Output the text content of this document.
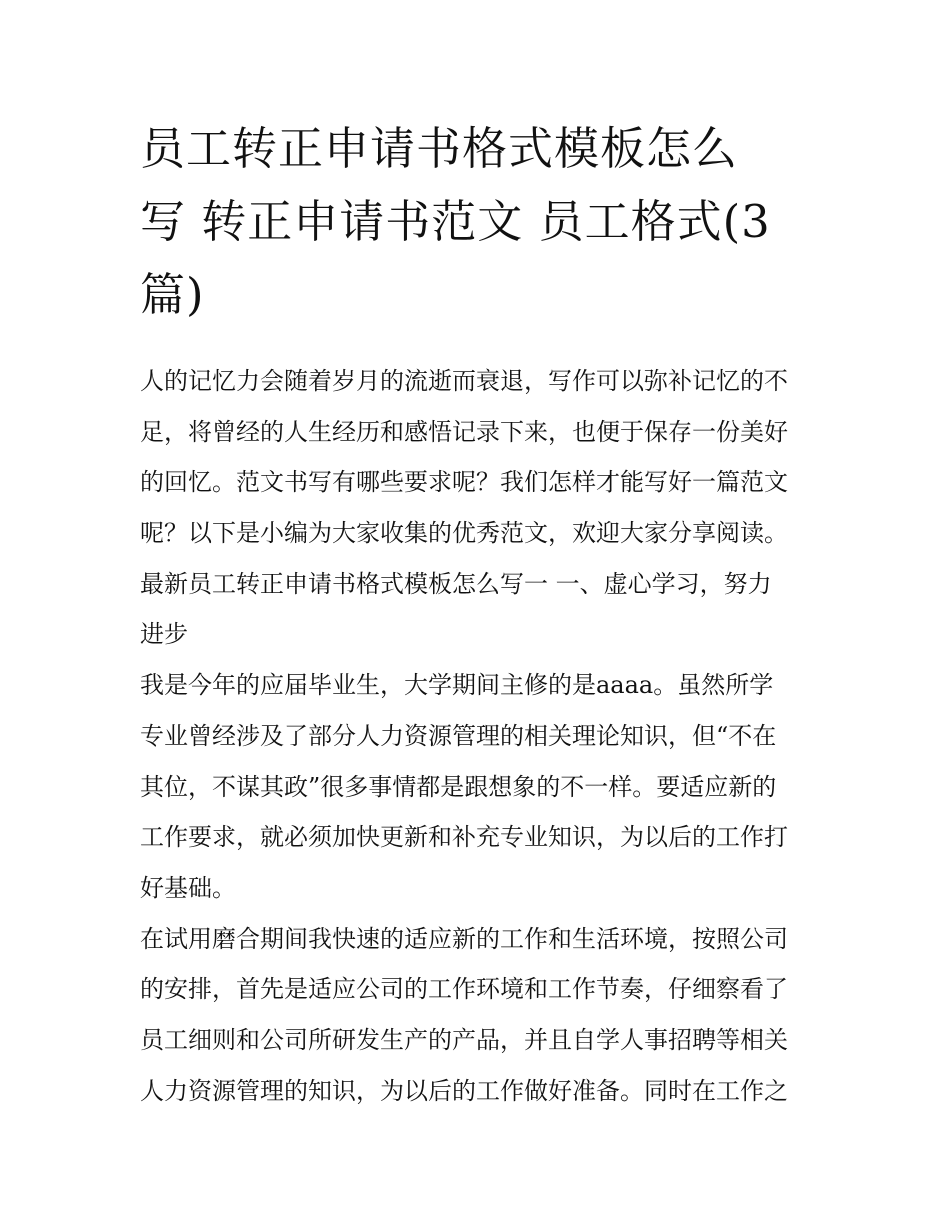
员工转正申请书格式模板怎么
写 转正申请书范文 员工格式(3
篇)
人的记忆力会随着岁月的流逝而衰退，写作可以弥补记忆的不
足，将曾经的人生经历和感悟记录下来，也便于保存一份美好
的回忆。范文书写有哪些要求呢？我们怎样才能写好一篇范文
呢？以下是小编为大家收集的优秀范文，欢迎大家分享阅读。
最新员工转正申请书格式模板怎么写一 一、虚心学习，努力
进步
我是今年的应届毕业生，大学期间主修的是aaaa。虽然所学
专业曾经涉及了部分人力资源管理的相关理论知识，但“不在
其位，不谋其政”很多事情都是跟想象的不一样。要适应新的
工作要求，就必须加快更新和补充专业知识，为以后的工作打
好基础。
在试用磨合期间我快速的适应新的工作和生活环境，按照公司
的安排，首先是适应公司的工作环境和工作节奏，仔细察看了
员工细则和公司所研发生产的产品，并且自学人事招聘等相关
人力资源管理的知识，为以后的工作做好准备。同时在工作之
